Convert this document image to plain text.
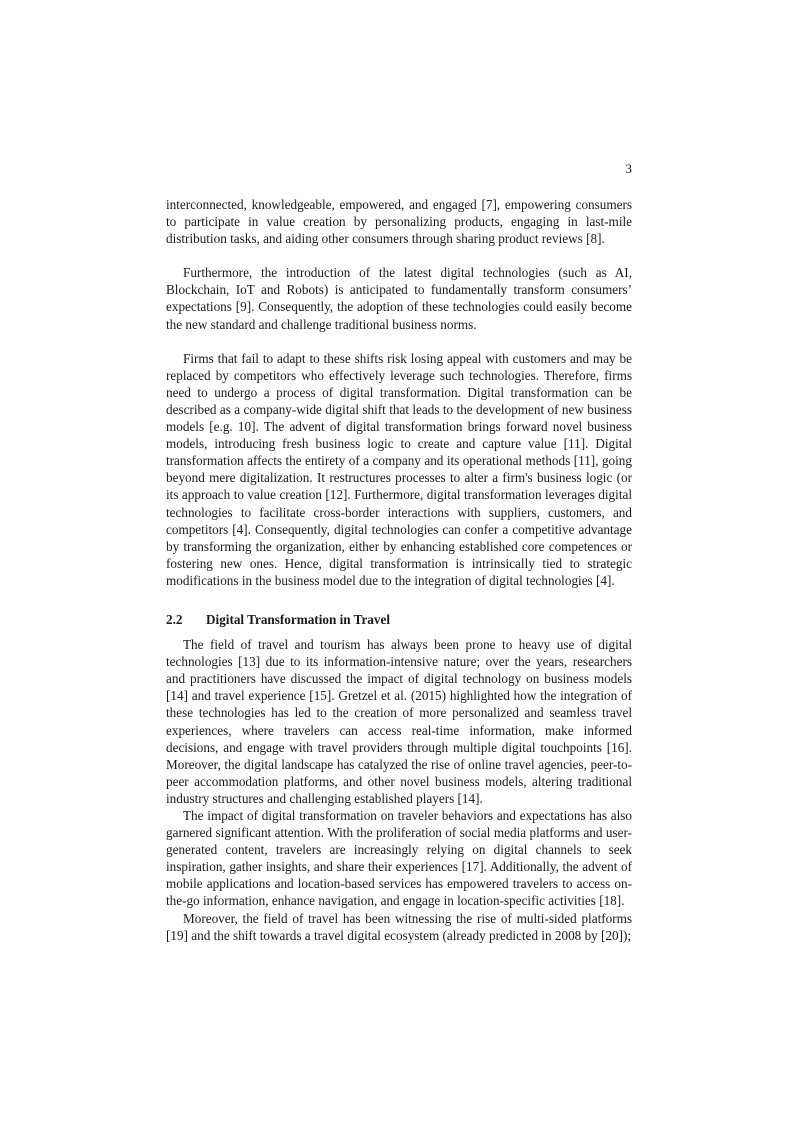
3

interconnected, knowledgeable, empowered, and engaged [7], empowering consumers to participate in value creation by personalizing products, engaging in last-mile distribution tasks, and aiding other consumers through sharing product reviews [8].

Furthermore, the introduction of the latest digital technologies (such as AI, Blockchain, IoT and Robots) is anticipated to fundamentally transform consumers’ expectations [9]. Consequently, the adoption of these technologies could easily become the new standard and challenge traditional business norms.

Firms that fail to adapt to these shifts risk losing appeal with customers and may be replaced by competitors who effectively leverage such technologies. Therefore, firms need to undergo a process of digital transformation. Digital transformation can be described as a company-wide digital shift that leads to the development of new business models [e.g. 10]. The advent of digital transformation brings forward novel business models, introducing fresh business logic to create and capture value [11]. Digital transformation affects the entirety of a company and its operational methods [11], going beyond mere digitalization. It restructures processes to alter a firm's business logic (or its approach to value creation [12]. Furthermore, digital transformation leverages digital technologies to facilitate cross-border interactions with suppliers, customers, and competitors [4]. Consequently, digital technologies can confer a competitive advantage by transforming the organization, either by enhancing established core competences or fostering new ones. Hence, digital transformation is intrinsically tied to strategic modifications in the business model due to the integration of digital technologies [4].

2.2	Digital Transformation in Travel

The field of travel and tourism has always been prone to heavy use of digital technologies [13] due to its information-intensive nature; over the years, researchers and practitioners have discussed the impact of digital technology on business models [14] and travel experience [15]. Gretzel et al. (2015) highlighted how the integration of these technologies has led to the creation of more personalized and seamless travel experiences, where travelers can access real-time information, make informed decisions, and engage with travel providers through multiple digital touchpoints [16]. Moreover, the digital landscape has catalyzed the rise of online travel agencies, peer-to-peer accommodation platforms, and other novel business models, altering traditional industry structures and challenging established players [14].

The impact of digital transformation on traveler behaviors and expectations has also garnered significant attention. With the proliferation of social media platforms and user-generated content, travelers are increasingly relying on digital channels to seek inspiration, gather insights, and share their experiences [17]. Additionally, the advent of mobile applications and location-based services has empowered travelers to access on-the-go information, enhance navigation, and engage in location-specific activities [18].

Moreover, the field of travel has been witnessing the rise of multi-sided platforms [19] and the shift towards a travel digital ecosystem (already predicted in 2008 by [20]);
